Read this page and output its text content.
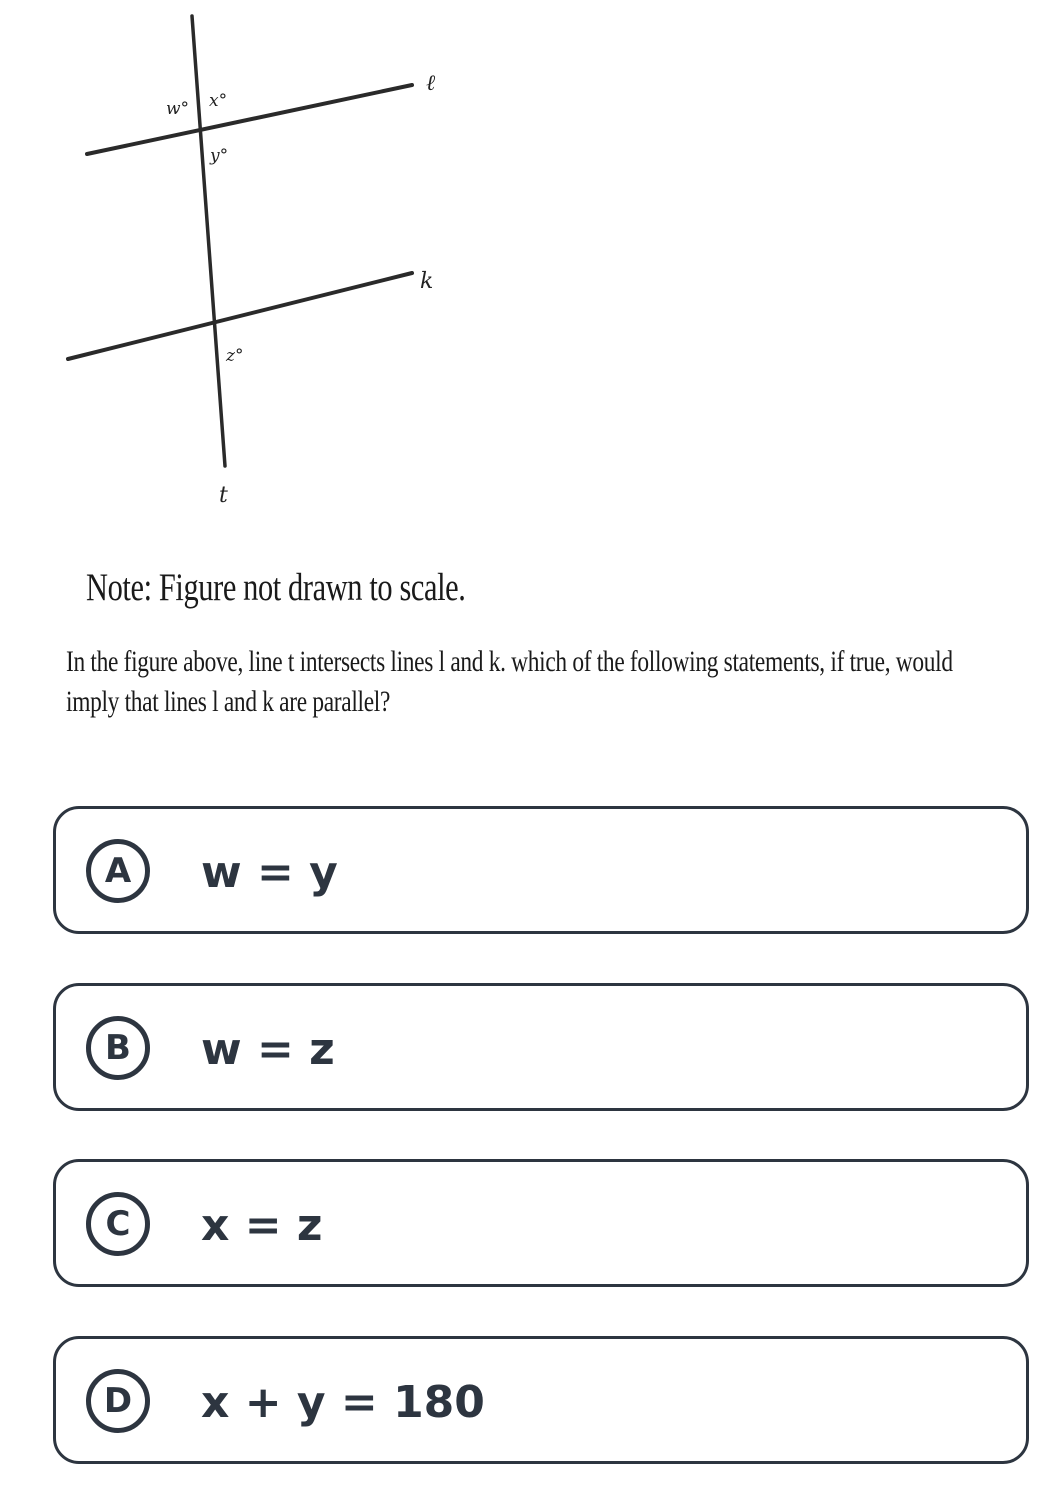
w° x°
y°
z°
ℓ
k
t
Note: Figure not drawn to scale.
In the figure above, line t intersects lines l and k. which of the following statements, if true, would imply that lines l and k are parallel?
A	w = y
B	w = z
C	x = z
D	x + y = 180
